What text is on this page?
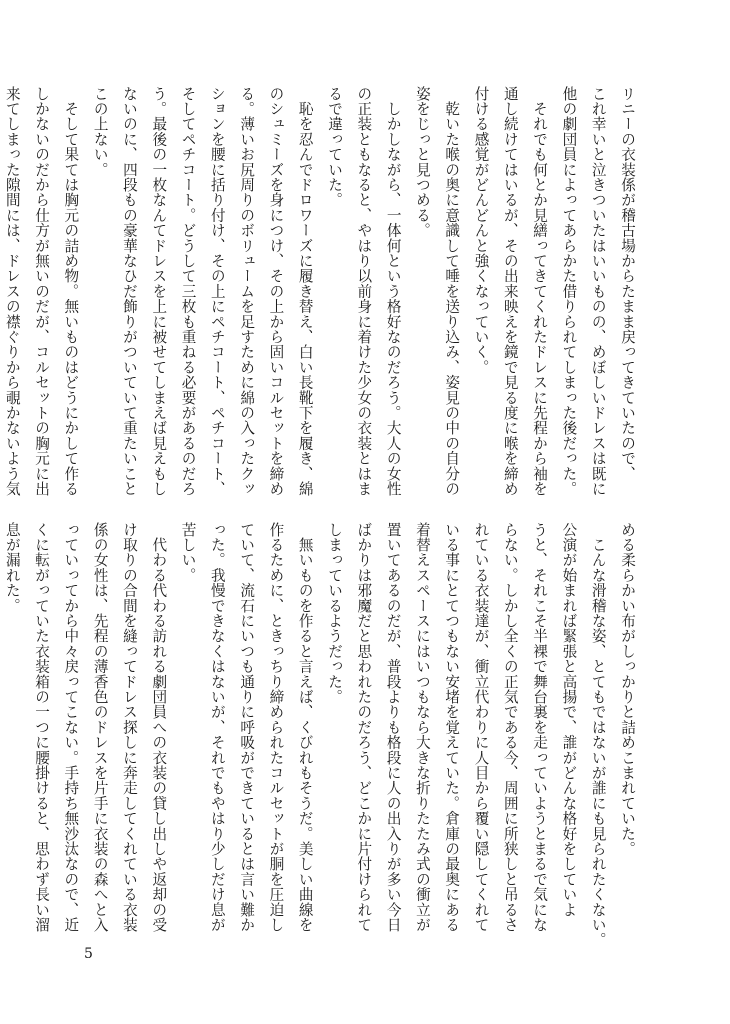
リニーの衣装係が稽古場からたまま戻ってきていたので、
これ幸いと泣きついたはいいものの、めぼしいドレスは既に
他の劇団員によってあらかた借りられてしまった後だった。
　それでも何とか見繕ってきてくれたドレスに先程から袖を
通し続けてはいるが、その出来映えを鏡で見る度に喉を締め
付ける感覚がどんどんと強くなっていく。
　乾いた喉の奥に意識して唾を送り込み、姿見の中の自分の
姿をじっと見つめる。
　しかしながら、一体何という格好なのだろう。大人の女性
の正装ともなると、やはり以前身に着けた少女の衣装とはま
るで違っていた。
　恥を忍んでドロワーズに履き替え、白い長靴下を履き、綿
のシュミーズを身につけ、その上から固いコルセットを締め
る。薄いお尻周りのボリュームを足すために綿の入ったクッ
ションを腰に括り付け、その上にペチコート、ペチコート、
そしてペチコート。どうして三枚も重ねる必要があるのだろ
う。最後の一枚なんてドレスを上に被せてしまえば見えもし
ないのに、四段もの豪華なひだ飾りがついていて重たいこと
この上ない。
　そして果ては胸元の詰め物。無いものはどうにかして作る
しかないのだから仕方が無いのだが、コルセットの胸元に出
来てしまった隙間には、ドレスの襟ぐりから覗かないよう気
める柔らかい布がしっかりと詰めこまれていた。
　こんな滑稽な姿、とてもではないが誰にも見られたくない。
公演が始まれば緊張と高揚で、誰がどんな格好をしていよ
うと、それこそ半裸で舞台裏を走っていようとまるで気にな
らない。しかし全くの正気である今、周囲に所狭しと吊るさ
れている衣装達が、衝立代わりに人目から覆い隠してくれて
いる事にとてつもない安堵を覚えていた。倉庫の最奥にある
着替えスペースにはいつもなら大きな折りたたみ式の衝立が
置いてあるのだが、普段よりも格段に人の出入りが多い今日
ばかりは邪魔だと思われたのだろう、どこかに片付けられて
しまっているようだった。
　無いものを作ると言えば、くびれもそうだ。美しい曲線を
作るために、ときっちり締められたコルセットが胴を圧迫し
ていて、流石にいつも通りに呼吸ができているとは言い難か
った。我慢できなくはないが、それでもやはり少しだけ息が
苦しい。
　代わる代わる訪れる劇団員への衣装の貸し出しや返却の受
け取りの合間を縫ってドレス探しに奔走してくれている衣装
係の女性は、先程の薄香色のドレスを片手に衣装の森へと入
っていってから中々戻ってこない。手持ち無沙汰なので、近
くに転がっていた衣装箱の一つに腰掛けると、思わず長い溜
息が漏れた。
5
